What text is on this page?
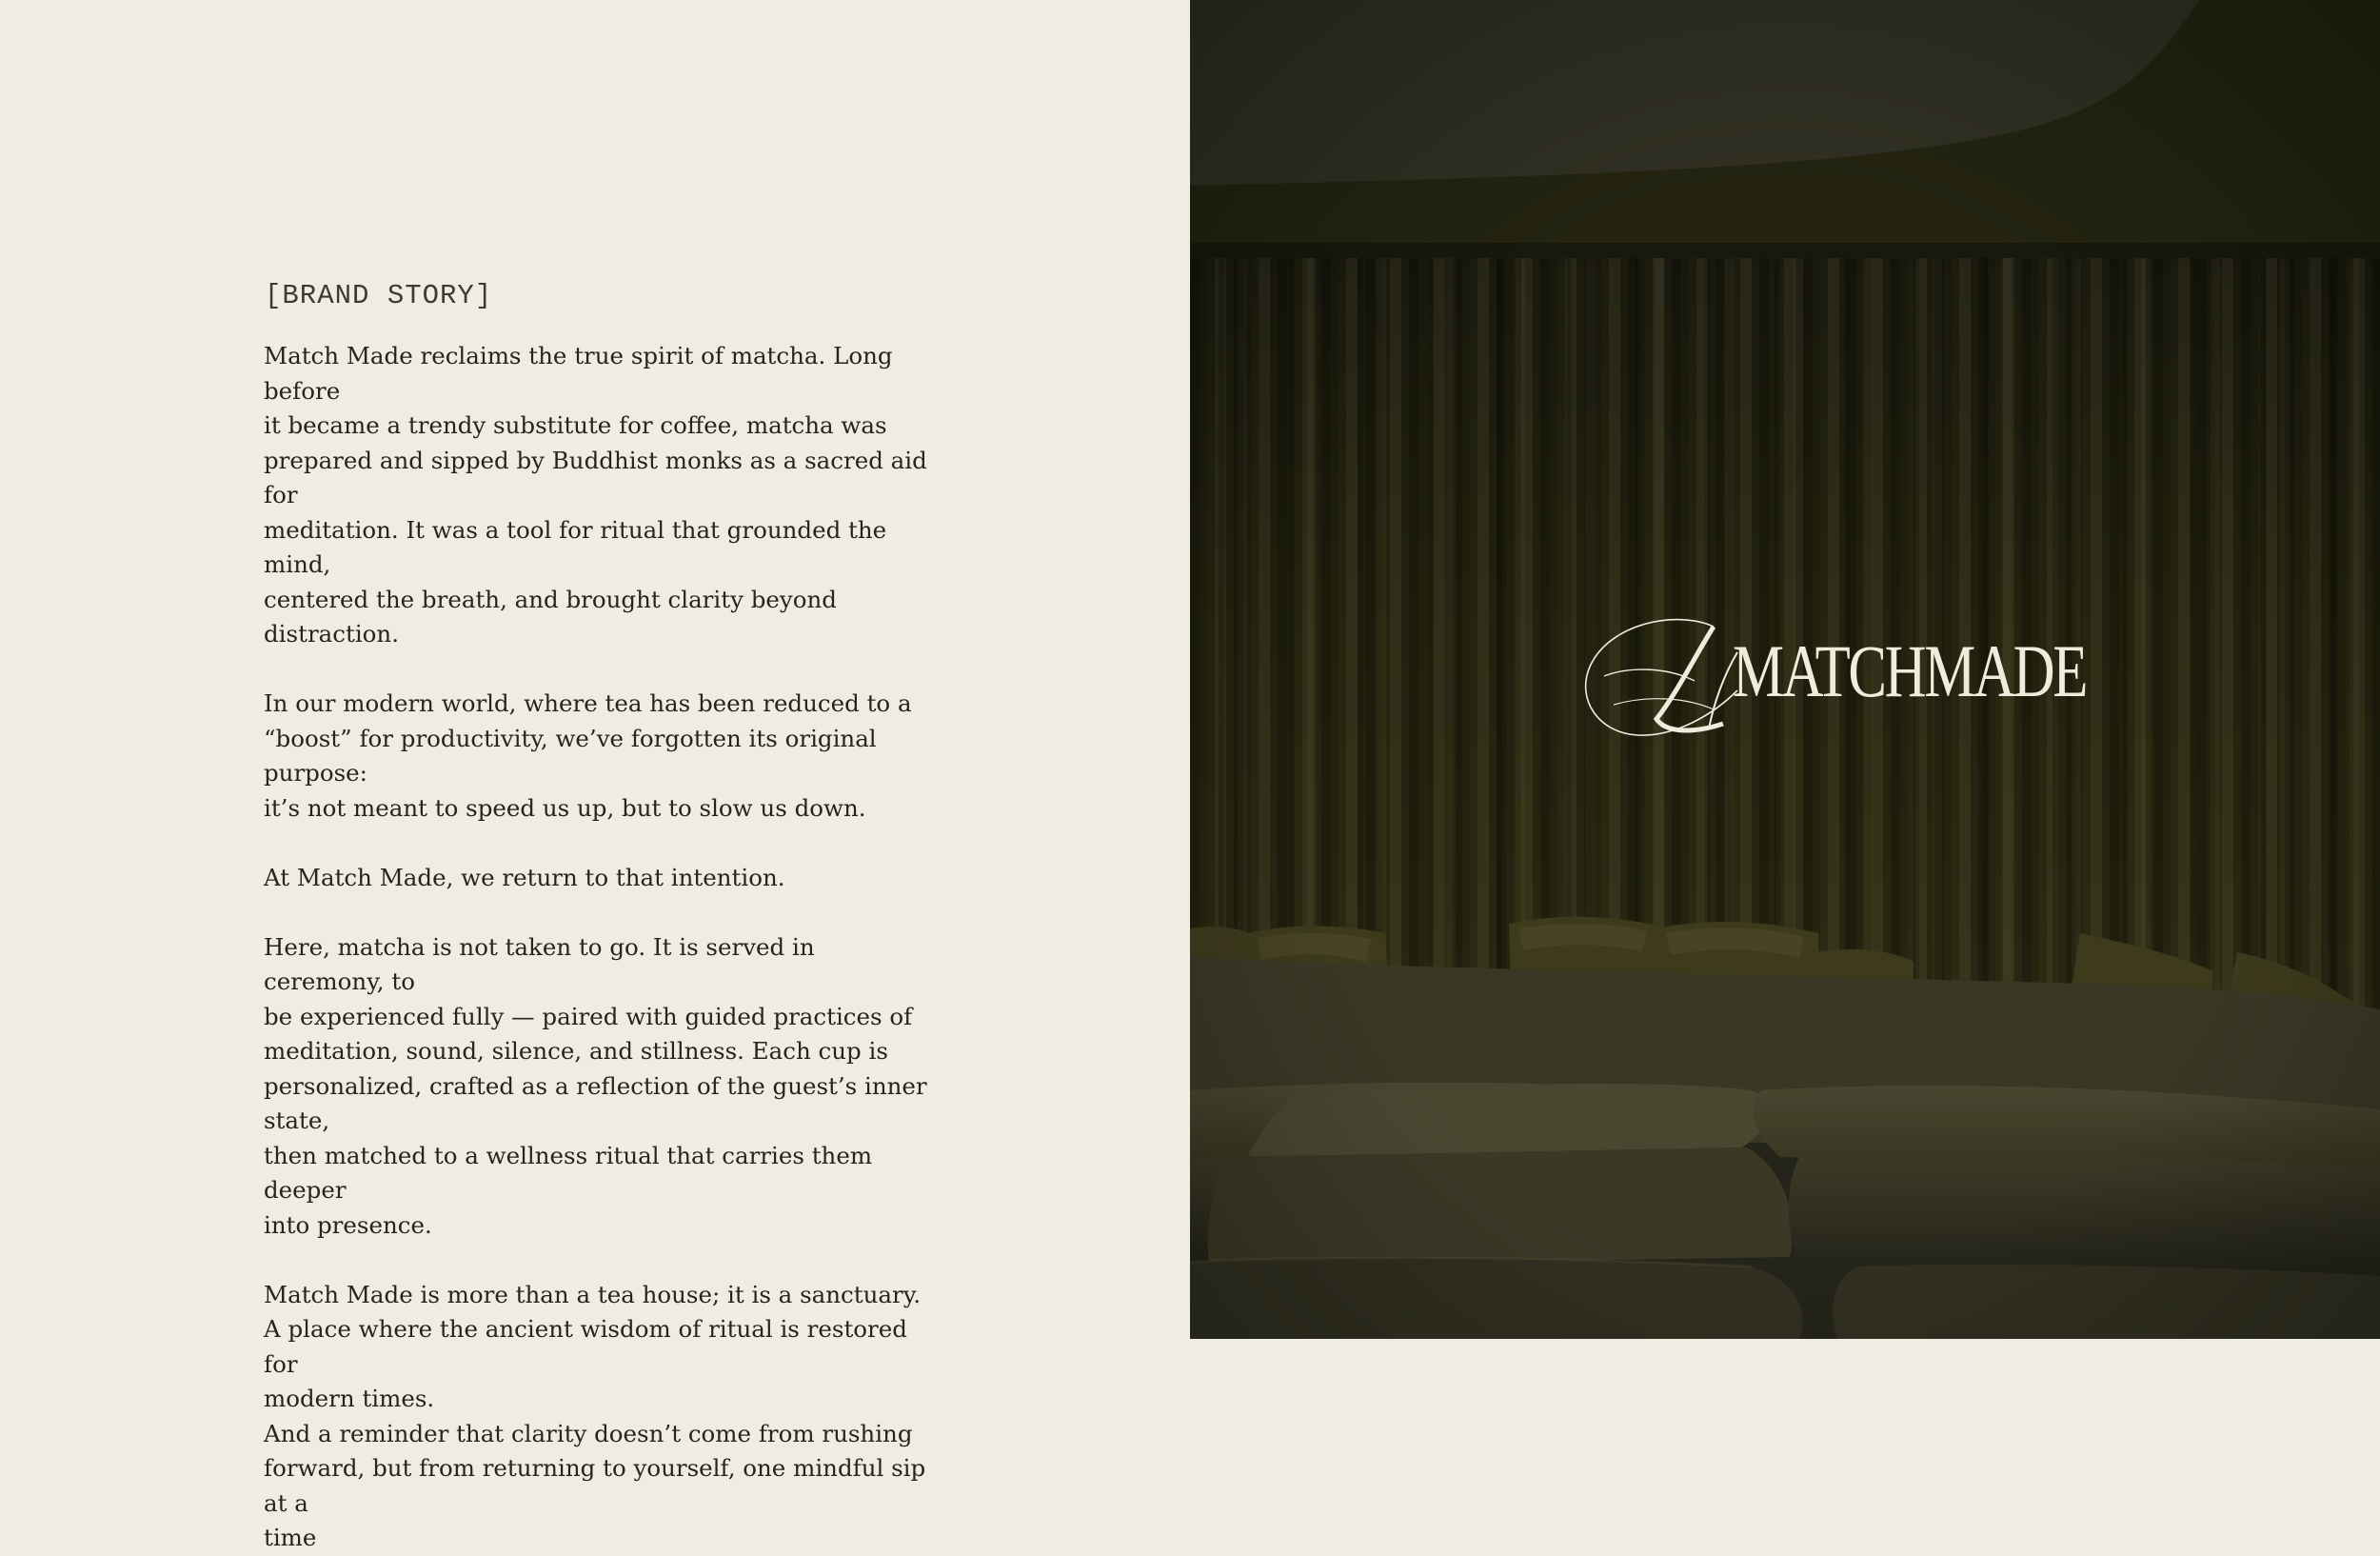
[BRAND STORY]

Match Made reclaims the true spirit of matcha. Long before
it became a trendy substitute for coffee, matcha was
prepared and sipped by Buddhist monks as a sacred aid for
meditation. It was a tool for ritual that grounded the mind,
centered the breath, and brought clarity beyond distraction.

In our modern world, where tea has been reduced to a
“boost” for productivity, we’ve forgotten its original purpose:
it’s not meant to speed us up, but to slow us down.

At Match Made, we return to that intention.

Here, matcha is not taken to go. It is served in ceremony, to
be experienced fully — paired with guided practices of
meditation, sound, silence, and stillness. Each cup is
personalized, crafted as a reflection of the guest’s inner
state,
then matched to a wellness ritual that carries them deeper
into presence.

Match Made is more than a tea house; it is a sanctuary.
A place where the ancient wisdom of ritual is restored for
modern times.
And a reminder that clarity doesn’t come from rushing
forward, but from returning to yourself, one mindful sip at a
time

MATCHMADE
